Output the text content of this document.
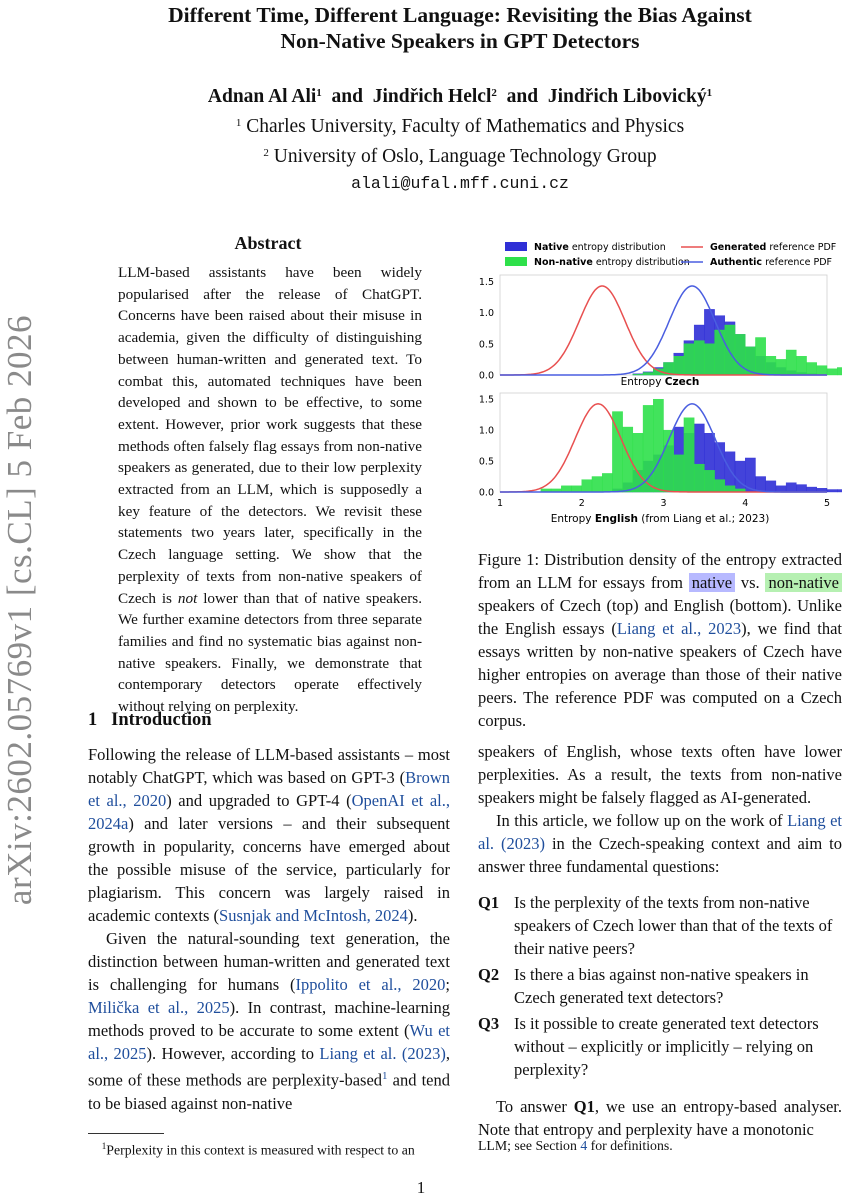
arXiv:2602.05769v1 [cs.CL] 5 Feb 2026
Different Time, Different Language: Revisiting the Bias Against
Non-Native Speakers in GPT Detectors
Adnan Al Ali$^1$ and Jindřich Helcl$^2$ and Jindřich Libovický$^1$
$^1$ Charles University, Faculty of Mathematics and Physics
$^2$ University of Oslo, Language Technology Group
alali@ufal.mff.cuni.cz
Abstract
LLM-based assistants have been widely popularised after the release of ChatGPT. Concerns have been raised about their misuse in academia, given the difficulty of distinguishing between human-written and generated text. To combat this, automated techniques have been developed and shown to be effective, to some extent. However, prior work suggests that these methods often falsely flag essays from non-native speakers as generated, due to their low perplexity extracted from an LLM, which is supposedly a key feature of the detectors. We revisit these statements two years later, specifically in the Czech language setting. We show that the perplexity of texts from non-native speakers of Czech is not lower than that of native speakers. We further examine detectors from three separate families and find no systematic bias against non-native speakers. Finally, we demonstrate that contemporary detectors operate effectively without relying on perplexity.
1 Introduction

Following the release of LLM-based assistants – most notably ChatGPT, which was based on GPT-3 (Brown et al., 2020) and upgraded to GPT-4 (OpenAI et al., 2024a) and later versions – and their subsequent growth in popularity, concerns have emerged about the possible misuse of the service, particularly for plagiarism. This concern was largely raised in academic contexts (Susnjak and McIntosh, 2024).

Given the natural-sounding text generation, the distinction between human-written and generated text is challenging for humans (Ippolito et al., 2020; Milička et al., 2025). In contrast, machine-learning methods proved to be accurate to some extent (Wu et al., 2025). However, according to Liang et al. (2023), some of these methods are perplexity-based$^1$ and tend to be biased against non-native

Native entropy distribution
Non-native entropy distribution
Generated reference PDF
Authentic reference PDF
0.0
0.5
1.0
1.5
0.0
0.5
1.0
1.5
1	2	3	4	5
Entropy Czech
Entropy English (from Liang et al.; 2023)
Figure 1: Distribution density of the entropy extracted from an LLM for essays from native vs. non-native speakers of Czech (top) and English (bottom). Unlike the English essays (Liang et al., 2023), we find that essays written by non-native speakers of Czech have higher entropies on average than those of their native peers. The reference PDF was computed on a Czech corpus.

speakers of English, whose texts often have lower perplexities. As a result, the texts from non-native speakers might be falsely flagged as AI-generated.

In this article, we follow up on the work of Liang et al. (2023) in the Czech-speaking context and aim to answer three fundamental questions:

Q1 Is the perplexity of the texts from non-native speakers of Czech lower than that of the texts of their native peers?
Q2 Is there a bias against non-native speakers in Czech generated text detectors?
Q3 Is it possible to create generated text detectors without – explicitly or implicitly – relying on perplexity?

To answer Q1, we use an entropy-based analyser. Note that entropy and perplexity have a monotonic

$^1$Perplexity in this context is measured with respect to an	LLM; see Section 4 for definitions.
1
